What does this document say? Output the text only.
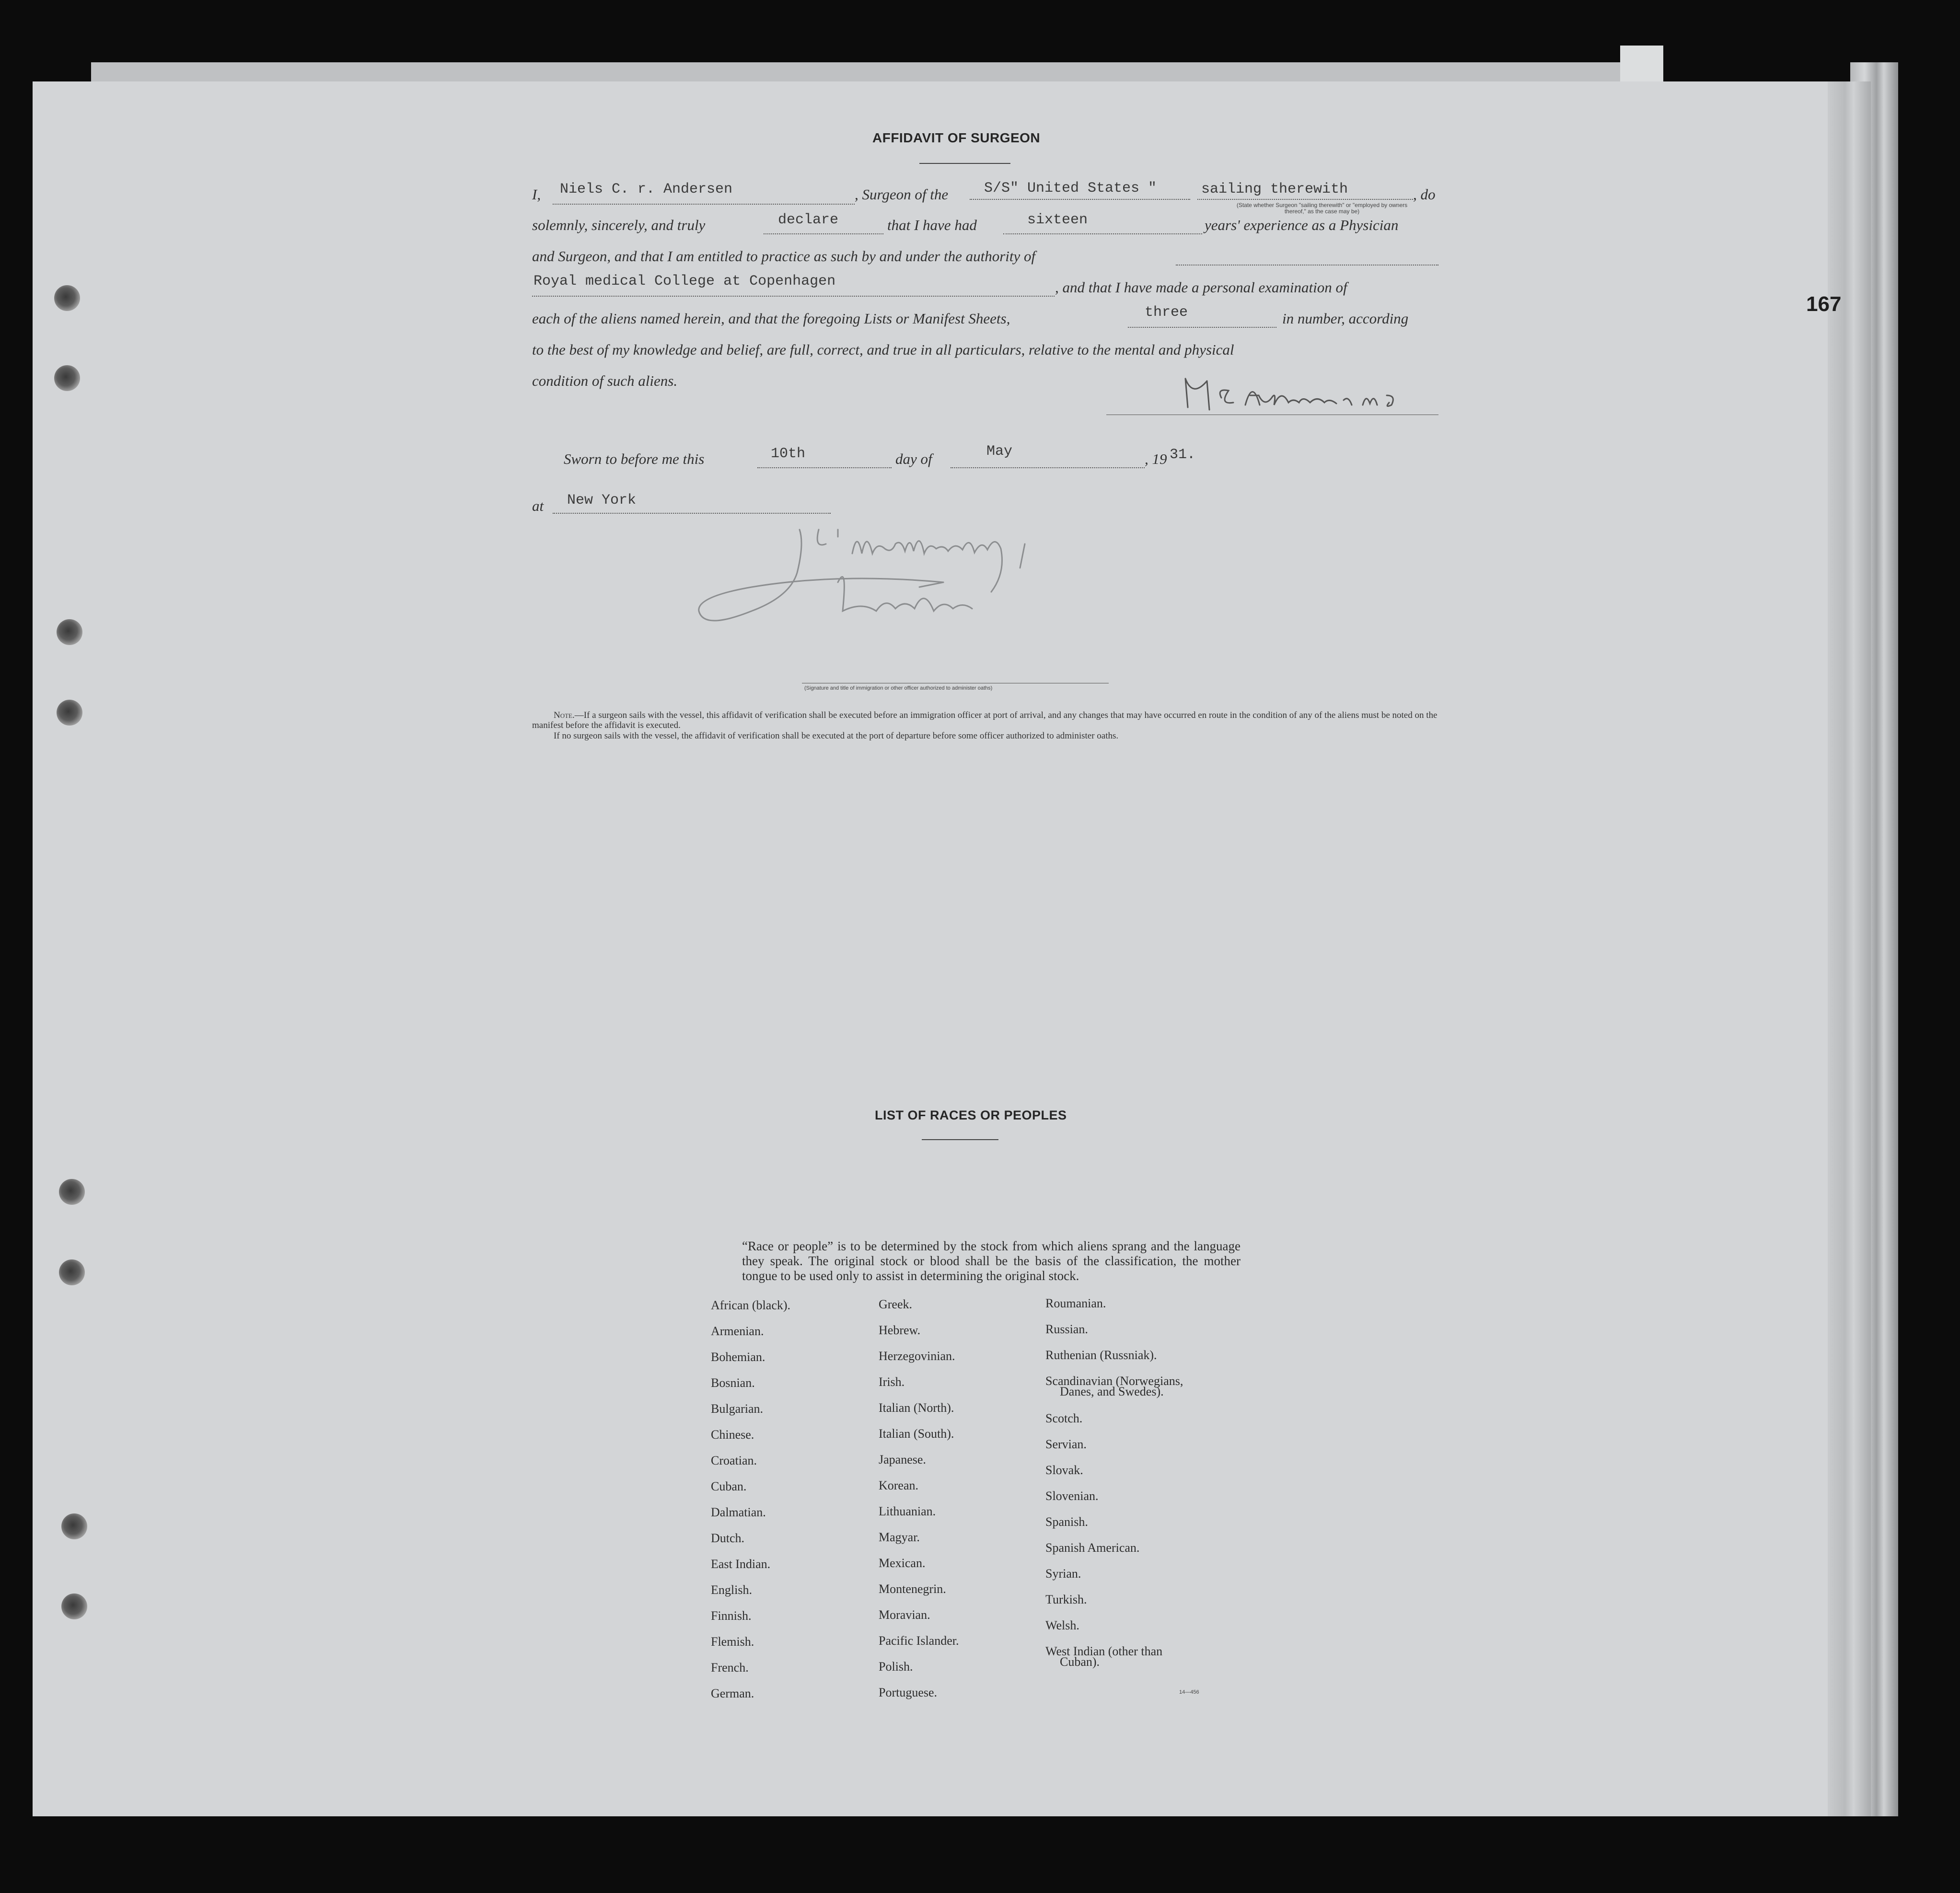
167
AFFIDAVIT OF SURGEON
I, Niels C. r. Andersen	, Surgeon of the S/S" United States "	sailing therewith	, do
(State whether Surgeon "sailing therewith" or "employed by owners thereof," as the case may be)
solemnly, sincerely, and truly	declare	that I have had	sixteen	years' experience as a Physician
and Surgeon, and that I am entitled to practice as such by and under the authority of
Royal medical College at Copenhagen	, and that I have made a personal examination of
each of the aliens named herein, and that the foregoing Lists or Manifest Sheets,	three	in number, according
to the best of my knowledge and belief, are full, correct, and true in all particulars, relative to the mental and physical
condition of such aliens.
Sworn to before me this	10th	day of	May	, 19 31.
at New York
(Signature and title of immigration or other officer authorized to administer oaths)
Note.—If a surgeon sails with the vessel, this affidavit of verification shall be executed before an immigration officer at port of arrival, and any changes that may have occurred en route in the condition of any of the aliens must be noted on the manifest before the affidavit is executed.
If no surgeon sails with the vessel, the affidavit of verification shall be executed at the port of departure before some officer authorized to administer oaths.
LIST OF RACES OR PEOPLES
“Race or people” is to be determined by the stock from which aliens sprang and the language they speak. The original stock or blood shall be the basis of the classification, the mother tongue to be used only to assist in determining the original stock.
African (black).
Armenian.
Bohemian.
Bosnian.
Bulgarian.
Chinese.
Croatian.
Cuban.
Dalmatian.
Dutch.
East Indian.
English.
Finnish.
Flemish.
French.
German.
Greek.
Hebrew.
Herzegovinian.
Irish.
Italian (North).
Italian (South).
Japanese.
Korean.
Lithuanian.
Magyar.
Mexican.
Montenegrin.
Moravian.
Pacific Islander.
Polish.
Portuguese.
Roumanian.
Russian.
Ruthenian (Russniak).
Scandinavian (Norwegians,
Danes, and Swedes).
Scotch.
Servian.
Slovak.
Slovenian.
Spanish.
Spanish American.
Syrian.
Turkish.
Welsh.
West Indian (other than
Cuban).
14—456
